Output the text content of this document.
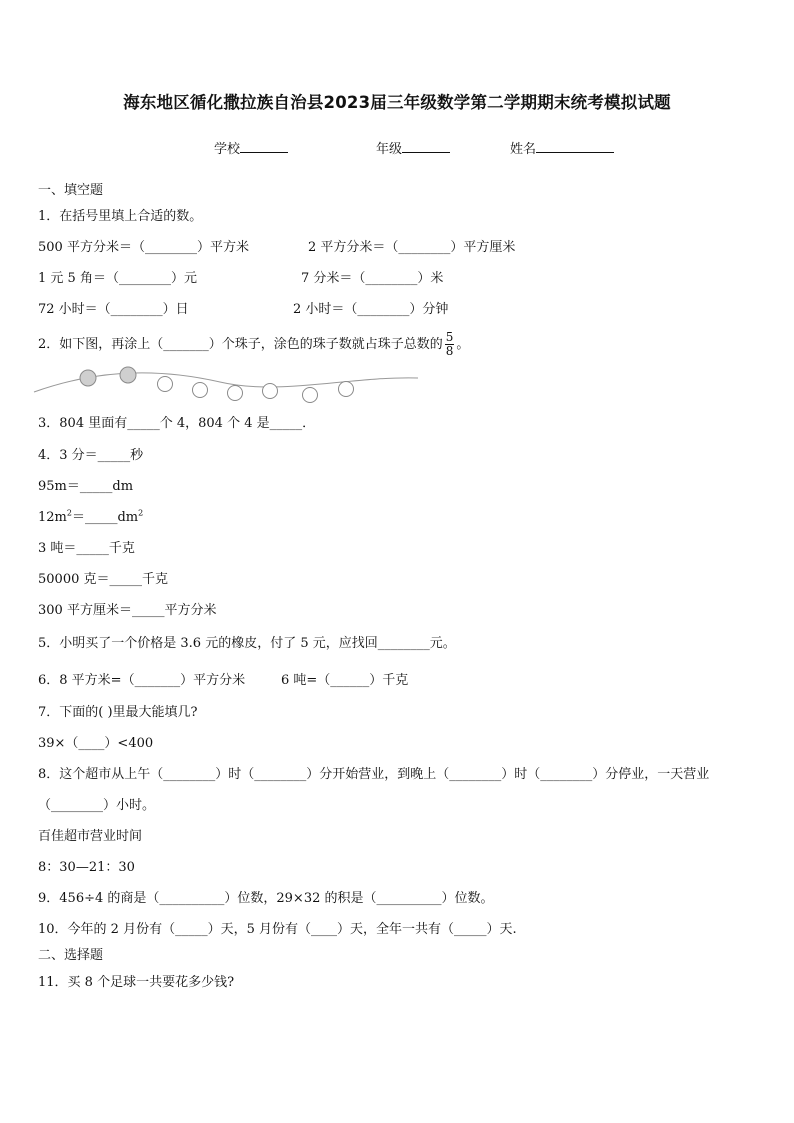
海东地区循化撒拉族自治县2023届三年级数学第二学期期末统考模拟试题
学校	年级	姓名
一、填空题
1．在括号里填上合适的数。
500 平方分米＝（________）平方米	2 平方分米＝（________）平方厘米
1 元 5 角＝（________）元	7 分米＝（________）米
72 小时＝（________）日	2 小时＝（________）分钟
2．如下图，再涂上（_______）个珠子，涂色的珠子数就占珠子总数的 $\frac{5}{8}$ 。
3．804 里面有_____个 4，804 个 4 是_____．
4．3 分＝_____秒
95m＝_____dm
$12m^2=\_\_\_\_\_dm^2$
3 吨＝_____千克
50000 克＝_____千克
300 平方厘米＝_____平方分米
5．小明买了一个价格是 3.6 元的橡皮，付了 5 元，应找回________元。
6．8 平方米=（_______）平方分米	6 吨=（______）千克
7．下面的( )里最大能填几?
39×（____）<400
8．这个超市从上午（________）时（________）分开始营业，到晚上（________）时（________）分停业，一天营业
（________）小时。
百佳超市营业时间
8：30—21：30
9．456÷4 的商是（__________）位数，29×32 的积是（__________）位数。
10．今年的 2 月份有（_____）天，5 月份有（____）天，全年一共有（_____）天.
二、选择题
11．买 8 个足球一共要花多少钱?
